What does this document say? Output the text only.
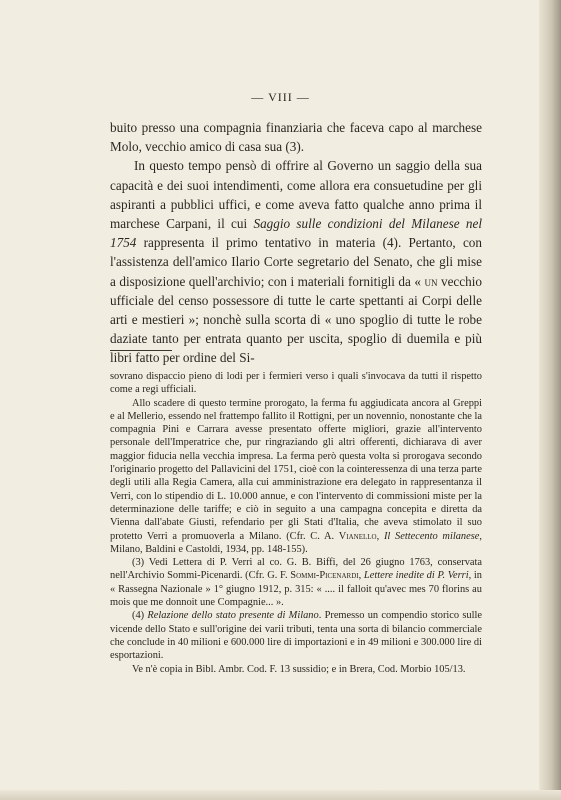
— VIII —

buito presso una compagnia finanziaria che faceva capo al marchese Molo, vecchio amico di casa sua (3).

In questo tempo pensò di offrire al Governo un saggio della sua capacità e dei suoi intendimenti, come allora era consuetudine per gli aspiranti a pubblici uffici, e come aveva fatto qualche anno prima il marchese Carpani, il cui Saggio sulle condizioni del Milanese nel 1754 rappresenta il primo tentativo in materia (4). Pertanto, con l'assistenza dell'amico Ilario Corte segretario del Senato, che gli mise a disposizione quell'archivio; con i materiali fornitigli da « un vecchio ufficiale del censo possessore di tutte le carte spettanti ai Corpi delle arti e mestieri »; nonchè sulla scorta di « uno spoglio di tutte le robe daziate tanto per entrata quanto per uscita, spoglio di duemila e più libri fatto per ordine del Si-

sovrano dispaccio pieno di lodi per i fermieri verso i quali s'invocava da tutti il rispetto come a regi ufficiali.

Allo scadere di questo termine prorogato, la ferma fu aggiudicata ancora al Greppi e al Mellerio, essendo nel frattempo fallito il Rottigni, per un novennio, nonostante che la compagnia Pini e Carrara avesse presentato offerte migliori, grazie all'intervento personale dell'Imperatrice che, pur ringraziando gli altri offerenti, dichiarava di aver maggior fiducia nella vecchia impresa. La ferma però questa volta si prorogava secondo l'originario progetto del Pallavicini del 1751, cioè con la cointeressenza di una terza parte degli utili alla Regia Camera, alla cui amministrazione era delegato in rappresentanza il Verri, con lo stipendio di L. 10.000 annue, e con l'intervento di commissioni miste per la determinazione delle tariffe; e ciò in seguito a una campagna concepita e diretta da Vienna dall'abate Giusti, refendario per gli Stati d'Italia, che aveva stimolato il suo protetto Verri a promuoverla a Milano. (Cfr. C. A. Vianello, Il Settecento milanese, Milano, Baldini e Castoldi, 1934, pp. 148-155).

(3) Vedi Lettera di P. Verri al co. G. B. Biffi, del 26 giugno 1763, conservata nell'Archivio Sommi-Picenardi. (Cfr. G. F. Sommi-Picenardi, Lettere inedite di P. Verri, in « Rassegna Nazionale » 1° giugno 1912, p. 315: « .... il falloit qu'avec mes 70 florins au mois que me donnoit une Compagnie... ».

(4) Relazione dello stato presente di Milano. Premesso un compendio storico sulle vicende dello Stato e sull'origine dei varii tributi, tenta una sorta di bilancio commerciale che conclude in 40 milioni e 600.000 lire di importazioni e in 49 milioni e 300.000 lire di esportazioni.

Ve n'è copia in Bibl. Ambr. Cod. F. 13 sussidio; e in Brera, Cod. Morbio 105/13.
